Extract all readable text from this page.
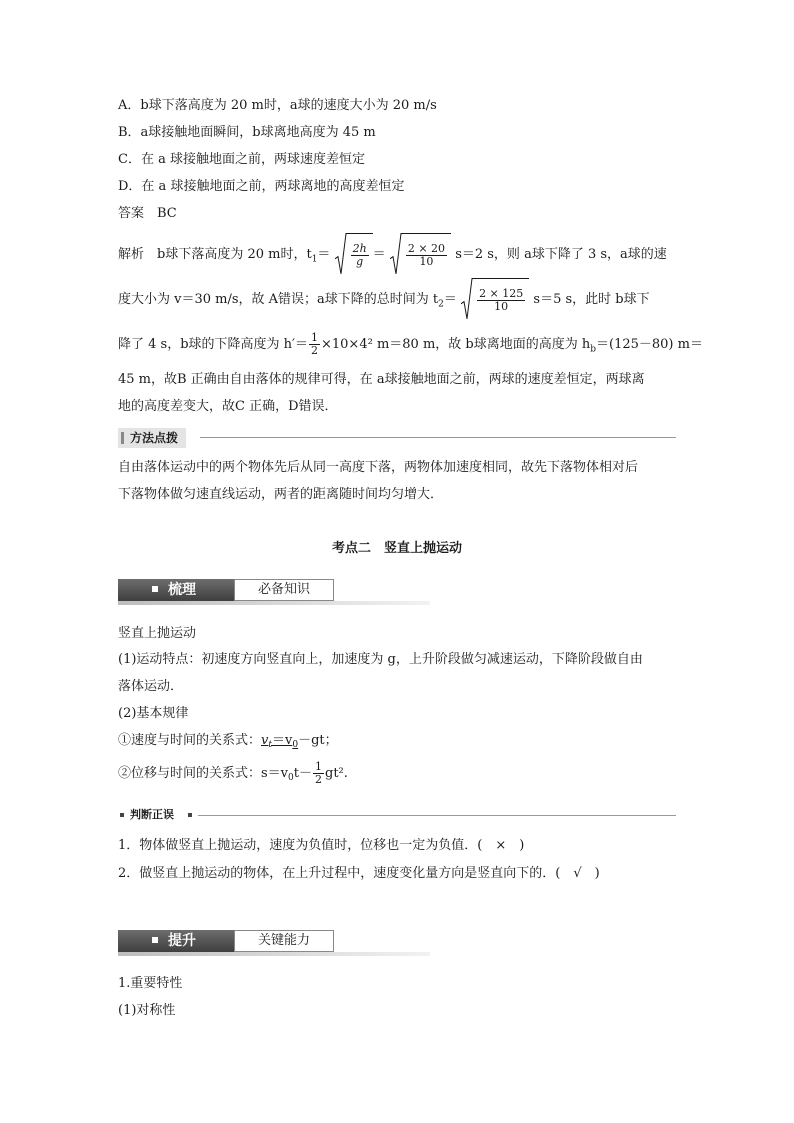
A．b球下落高度为 20 m时，a球的速度大小为 20 m/s
B．a球接触地面瞬间，b球离地高度为 45 m
C．在 a 球接触地面之前，两球速度差恒定
D．在 a 球接触地面之前，两球离地的高度差恒定
答案　BC
解析　b球下落高度为 20 m时，$t_1= \frac{2h}{g} = \frac{2 \times 20}{10} s=2$ s，则 a球下降了 3 s，a球的速
度大小为 v＝30 m/s，故 A错误；a球下降的总时间为 $t_2= \frac{2 \times 125}{10} s=5$ s，此时 b球下
降了 4 s，b球的下降高度为 $h'= \frac{1}{2} \times 10\times 4^2$ m＝80 m，故 b球离地面的高度为 $h_b=(125-80)$ m＝
45 m，故B 正确由自由落体的规律可得，在 a球接触地面之前，两球的速度差恒定，两球离
地的高度差变大，故C 正确，D错误．
方法点拨
自由落体运动中的两个物体先后从同一高度下落，两物体加速度相同，故先下落物体相对后
下落物体做匀速直线运动，两者的距离随时间均匀增大．
考点二　竖直上抛运动
梳理	必备知识
竖直上抛运动
(1)运动特点：初速度方向竖直向上，加速度为 g，上升阶段做匀减速运动，下降阶段做自由
落体运动．
(2)基本规律
①速度与时间的关系式：$v_t=v_0-gt$；
②位移与时间的关系式：$s=v_0t- \frac{1}{2} gt^2$.
判断正误
1．物体做竖直上抛运动，速度为负值时，位移也一定为负值．(　×　)
2．做竖直上抛运动的物体，在上升过程中，速度变化量方向是竖直向下的．(　√　)
提升	关键能力
1.重要特性
(1)对称性
